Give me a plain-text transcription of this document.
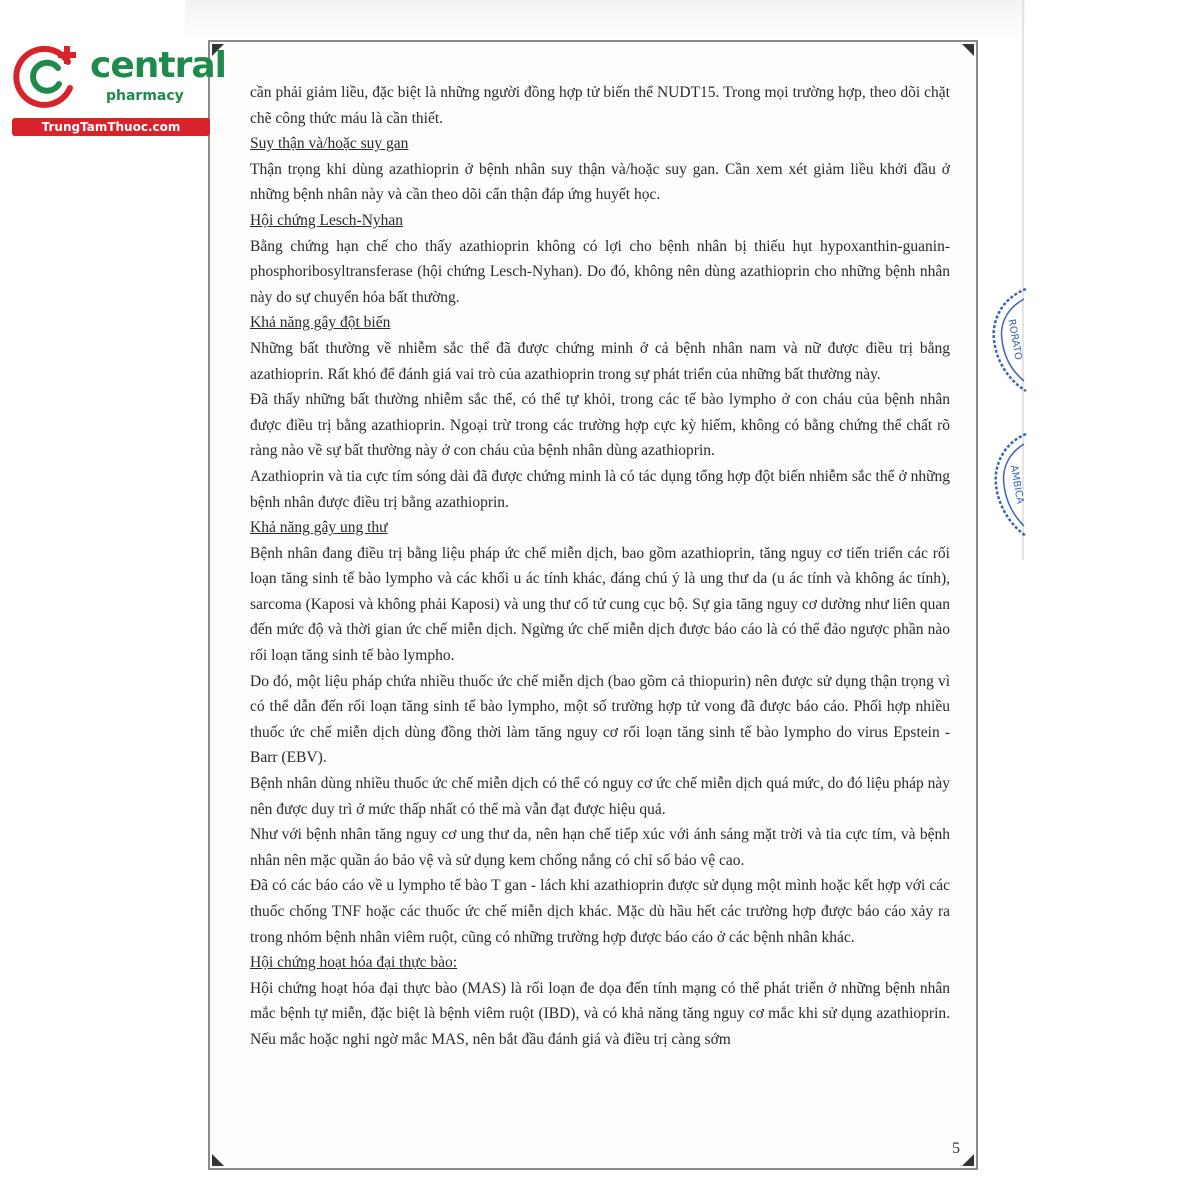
cần phải giảm liều, đặc biệt là những người đồng hợp tử biến thể NUDT15. Trong mọi trường hợp, theo dõi chặt chẽ công thức máu là cần thiết.

Suy thận và/hoặc suy gan

Thận trọng khi dùng azathioprin ở bệnh nhân suy thận và/hoặc suy gan. Cần xem xét giảm liều khởi đầu ở những bệnh nhân này và cần theo dõi cẩn thận đáp ứng huyết học.

Hội chứng Lesch-Nyhan

Bằng chứng hạn chế cho thấy azathioprin không có lợi cho bệnh nhân bị thiếu hụt hypoxanthin-guanin-phosphoribosyltransferase (hội chứng Lesch-Nyhan). Do đó, không nên dùng azathioprin cho những bệnh nhân này do sự chuyển hóa bất thường.

Khả năng gây đột biến

Những bất thường về nhiễm sắc thể đã được chứng minh ở cả bệnh nhân nam và nữ được điều trị bằng azathioprin. Rất khó để đánh giá vai trò của azathioprin trong sự phát triển của những bất thường này.

Đã thấy những bất thường nhiễm sắc thể, có thể tự khỏi, trong các tế bào lympho ở con cháu của bệnh nhân được điều trị bằng azathioprin. Ngoại trừ trong các trường hợp cực kỳ hiếm, không có bằng chứng thể chất rõ ràng nào về sự bất thường này ở con cháu của bệnh nhân dùng azathioprin.

Azathioprin và tia cực tím sóng dài đã được chứng minh là có tác dụng tổng hợp đột biến nhiễm sắc thể ở những bệnh nhân được điều trị bằng azathioprin.

Khả năng gây ung thư

Bệnh nhân đang điều trị bằng liệu pháp ức chế miễn dịch, bao gồm azathioprin, tăng nguy cơ tiến triển các rối loạn tăng sinh tế bào lympho và các khối u ác tính khác, đáng chú ý là ung thư da (u ác tính và không ác tính), sarcoma (Kaposi và không phải Kaposi) và ung thư cổ tử cung cục bộ. Sự gia tăng nguy cơ dường như liên quan đến mức độ và thời gian ức chế miễn dịch. Ngừng ức chế miễn dịch được báo cáo là có thể đảo ngược phần nào rối loạn tăng sinh tế bào lympho.

Do đó, một liệu pháp chứa nhiều thuốc ức chế miễn dịch (bao gồm cả thiopurin) nên được sử dụng thận trọng vì có thể dẫn đến rối loạn tăng sinh tế bào lympho, một số trường hợp tử vong đã được báo cáo. Phối hợp nhiều thuốc ức chế miễn dịch dùng đồng thời làm tăng nguy cơ rối loạn tăng sinh tế bào lympho do virus Epstein - Barr (EBV).

Bệnh nhân dùng nhiều thuốc ức chế miễn dịch có thể có nguy cơ ức chế miễn dịch quá mức, do đó liệu pháp này nên được duy trì ở mức thấp nhất có thể mà vẫn đạt được hiệu quả.

Như với bệnh nhân tăng nguy cơ ung thư da, nên hạn chế tiếp xúc với ánh sáng mặt trời và tia cực tím, và bệnh nhân nên mặc quần áo bảo vệ và sử dụng kem chống nắng có chỉ số bảo vệ cao.

Đã có các báo cáo về u lympho tế bào T gan - lách khi azathioprin được sử dụng một mình hoặc kết hợp với các thuốc chống TNF hoặc các thuốc ức chế miễn dịch khác. Mặc dù hầu hết các trường hợp được báo cáo xảy ra trong nhóm bệnh nhân viêm ruột, cũng có những trường hợp được báo cáo ở các bệnh nhân khác.

Hội chứng hoạt hóa đại thực bào:

Hội chứng hoạt hóa đại thực bào (MAS) là rối loạn đe dọa đến tính mạng có thể phát triển ở những bệnh nhân mắc bệnh tự miễn, đặc biệt là bệnh viêm ruột (IBD), và có khả năng tăng nguy cơ mắc khi sử dụng azathioprin. Nếu mắc hoặc nghi ngờ mắc MAS, nên bắt đầu đánh giá và điều trị càng sớm

5
central
pharmacy
TrungTamThuoc.com
RORATO
AMBICA
